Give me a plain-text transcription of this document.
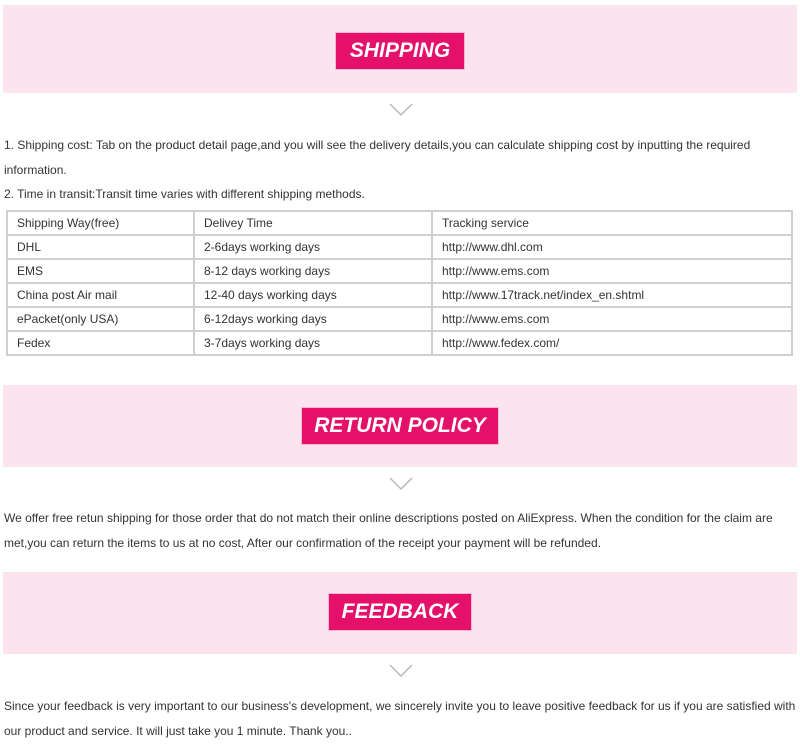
SHIPPING
1. Shipping cost: Tab on the product detail page,and you will see the delivery details,you can calculate shipping cost by inputting the required information.
2. Time in transit:Transit time varies with different shipping methods.
Shipping Way(free)	Delivey Time	Tracking service
DHL	2-6days working days	http://www.dhl.com
EMS	8-12 days working days	http://www.ems.com
China post Air mail	12-40 days working days	http://www.17track.net/index_en.shtml
ePacket(only USA)	6-12days working days	http://www.ems.com
Fedex	3-7days working days	http://www.fedex.com/
RETURN POLICY
We offer free retun shipping for those order that do not match their online descriptions posted on AliExpress. When the condition for the claim are met,you can return the items to us at no cost, After our confirmation of the receipt your payment will be refunded.
FEEDBACK
Since your feedback is very important to our business's development, we sincerely invite you to leave positive feedback for us if you are satisfied with our product and service. It will just take you 1 minute. Thank you..
